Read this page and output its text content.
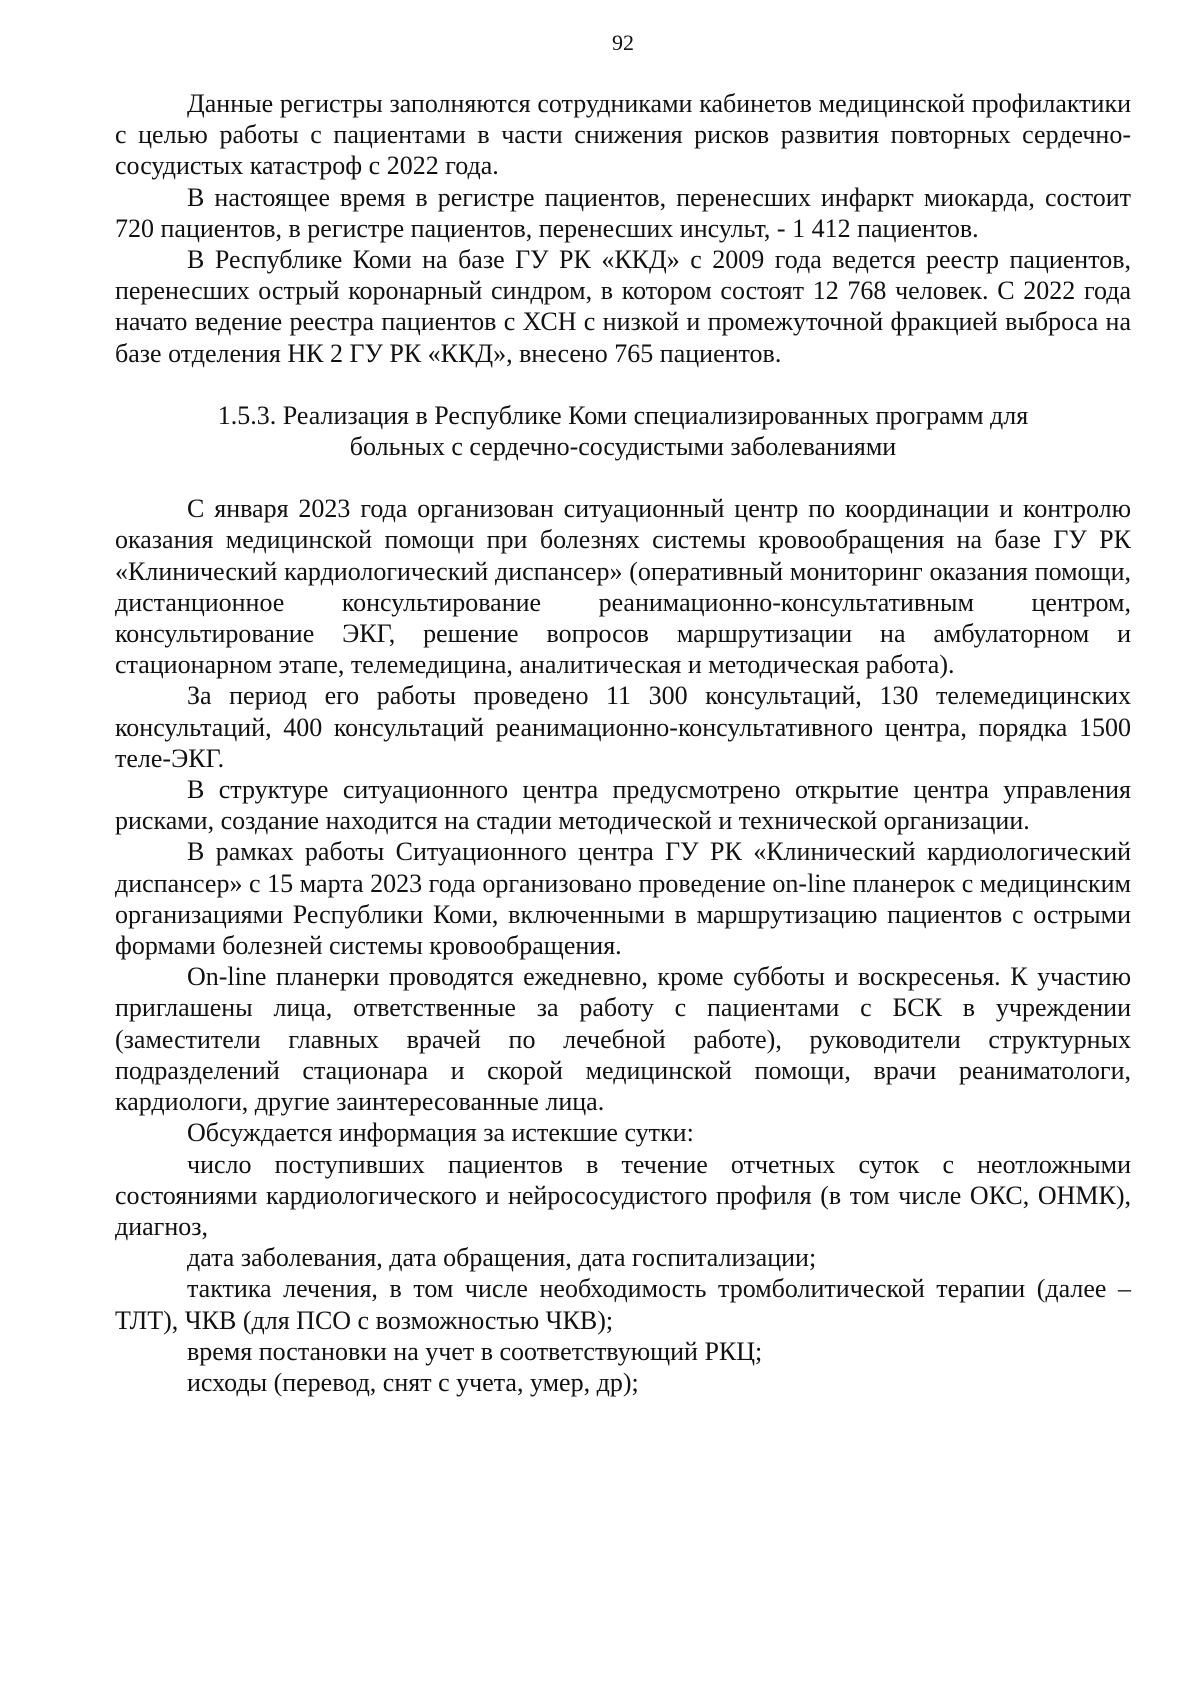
92

Данные регистры заполняются сотрудниками кабинетов медицинской профилактики с целью работы с пациентами в части снижения рисков развития повторных сердечно-сосудистых катастроф с 2022 года.

В настоящее время в регистре пациентов, перенесших инфаркт миокарда, состоит 720 пациентов, в регистре пациентов, перенесших инсульт, - 1 412 пациентов.

В Республике Коми на базе ГУ РК «ККД» с 2009 года ведется реестр пациентов, перенесших острый коронарный синдром, в котором состоят 12 768 человек. С 2022 года начато ведение реестра пациентов с ХСН с низкой и промежуточной фракцией выброса на базе отделения НК 2 ГУ РК «ККД», внесено 765 пациентов.

1.5.3. Реализация в Республике Коми специализированных программ для
больных с сердечно-сосудистыми заболеваниями

С января 2023 года организован ситуационный центр по координации и контролю оказания медицинской помощи при болезнях системы кровообращения на базе ГУ РК «Клинический кардиологический диспансер» (оперативный мониторинг оказания помощи, дистанционное консультирование реанимационно-консультативным центром, консультирование ЭКГ, решение вопросов маршрутизации на амбулаторном и стационарном этапе, телемедицина, аналитическая и методическая работа).

За период его работы проведено 11 300 консультаций, 130 телемедицинских консультаций, 400 консультаций реанимационно-консультативного центра, порядка 1500 теле-ЭКГ.

В структуре ситуационного центра предусмотрено открытие центра управления рисками, создание находится на стадии методической и технической организации.

В рамках работы Ситуационного центра ГУ РК «Клинический кардиологический диспансер» с 15 марта 2023 года организовано проведение on-line планерок с медицинским организациями Республики Коми, включенными в маршрутизацию пациентов с острыми формами болезней системы кровообращения.

On-line планерки проводятся ежедневно, кроме субботы и воскресенья. К участию приглашены лица, ответственные за работу с пациентами с БСК в учреждении (заместители главных врачей по лечебной работе), руководители структурных подразделений стационара и скорой медицинской помощи, врачи реаниматологи, кардиологи, другие заинтересованные лица.

Обсуждается информация за истекшие сутки:

число поступивших пациентов в течение отчетных суток с неотложными состояниями кардиологического и нейрососудистого профиля (в том числе ОКС, ОНМК), диагноз,

дата заболевания, дата обращения, дата госпитализации;

тактика лечения, в том числе необходимость тромболитической терапии (далее – ТЛТ), ЧКВ (для ПСО с возможностью ЧКВ);

время постановки на учет в соответствующий РКЦ;

исходы (перевод, снят с учета, умер, др);
